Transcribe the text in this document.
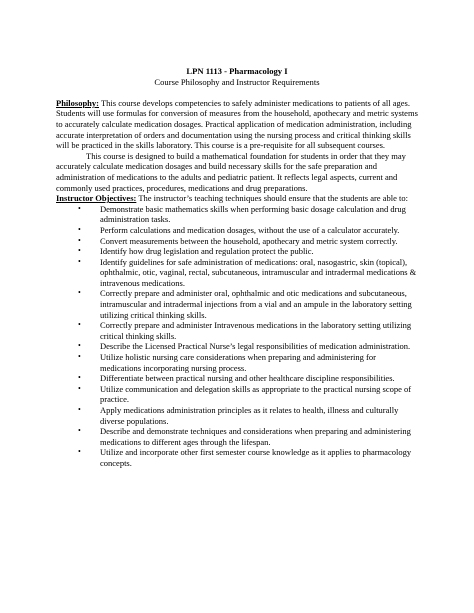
LPN 1113 - Pharmacology I

Course Philosophy and Instructor Requirements

Philosophy: This course develops competencies to safely administer medications to patients of all ages. Students will use formulas for conversion of measures from the household, apothecary and metric systems to accurately calculate medication dosages. Practical application of medication administration, including accurate interpretation of orders and documentation using the nursing process and critical thinking skills will be practiced in the skills laboratory. This course is a pre-requisite for all subsequent courses.

This course is designed to build a mathematical foundation for students in order that they may accurately calculate medication dosages and build necessary skills for the safe preparation and administration of medications to the adults and pediatric patient. It reflects legal aspects, current and commonly used practices, procedures, medications and drug preparations.

Instructor Objectives: The instructor’s teaching techniques should ensure that the students are able to:

• Demonstrate basic mathematics skills when performing basic dosage calculation and drug administration tasks.
• Perform calculations and medication dosages, without the use of a calculator accurately.
• Convert measurements between the household, apothecary and metric system correctly.
• Identify how drug legislation and regulation protect the public.
• Identify guidelines for safe administration of medications: oral, nasogastric, skin (topical), ophthalmic, otic, vaginal, rectal, subcutaneous, intramuscular and intradermal medications & intravenous medications.
• Correctly prepare and administer oral, ophthalmic and otic medications and subcutaneous, intramuscular and intradermal injections from a vial and an ampule in the laboratory setting utilizing critical thinking skills.
• Correctly prepare and administer Intravenous medications in the laboratory setting utilizing critical thinking skills.
• Describe the Licensed Practical Nurse’s legal responsibilities of medication administration.
• Utilize holistic nursing care considerations when preparing and administering for medications incorporating nursing process.
• Differentiate between practical nursing and other healthcare discipline responsibilities.
• Utilize communication and delegation skills as appropriate to the practical nursing scope of practice.
• Apply medications administration principles as it relates to health, illness and culturally diverse populations.
• Describe and demonstrate techniques and considerations when preparing and administering medications to different ages through the lifespan.
• Utilize and incorporate other first semester course knowledge as it applies to pharmacology concepts.
